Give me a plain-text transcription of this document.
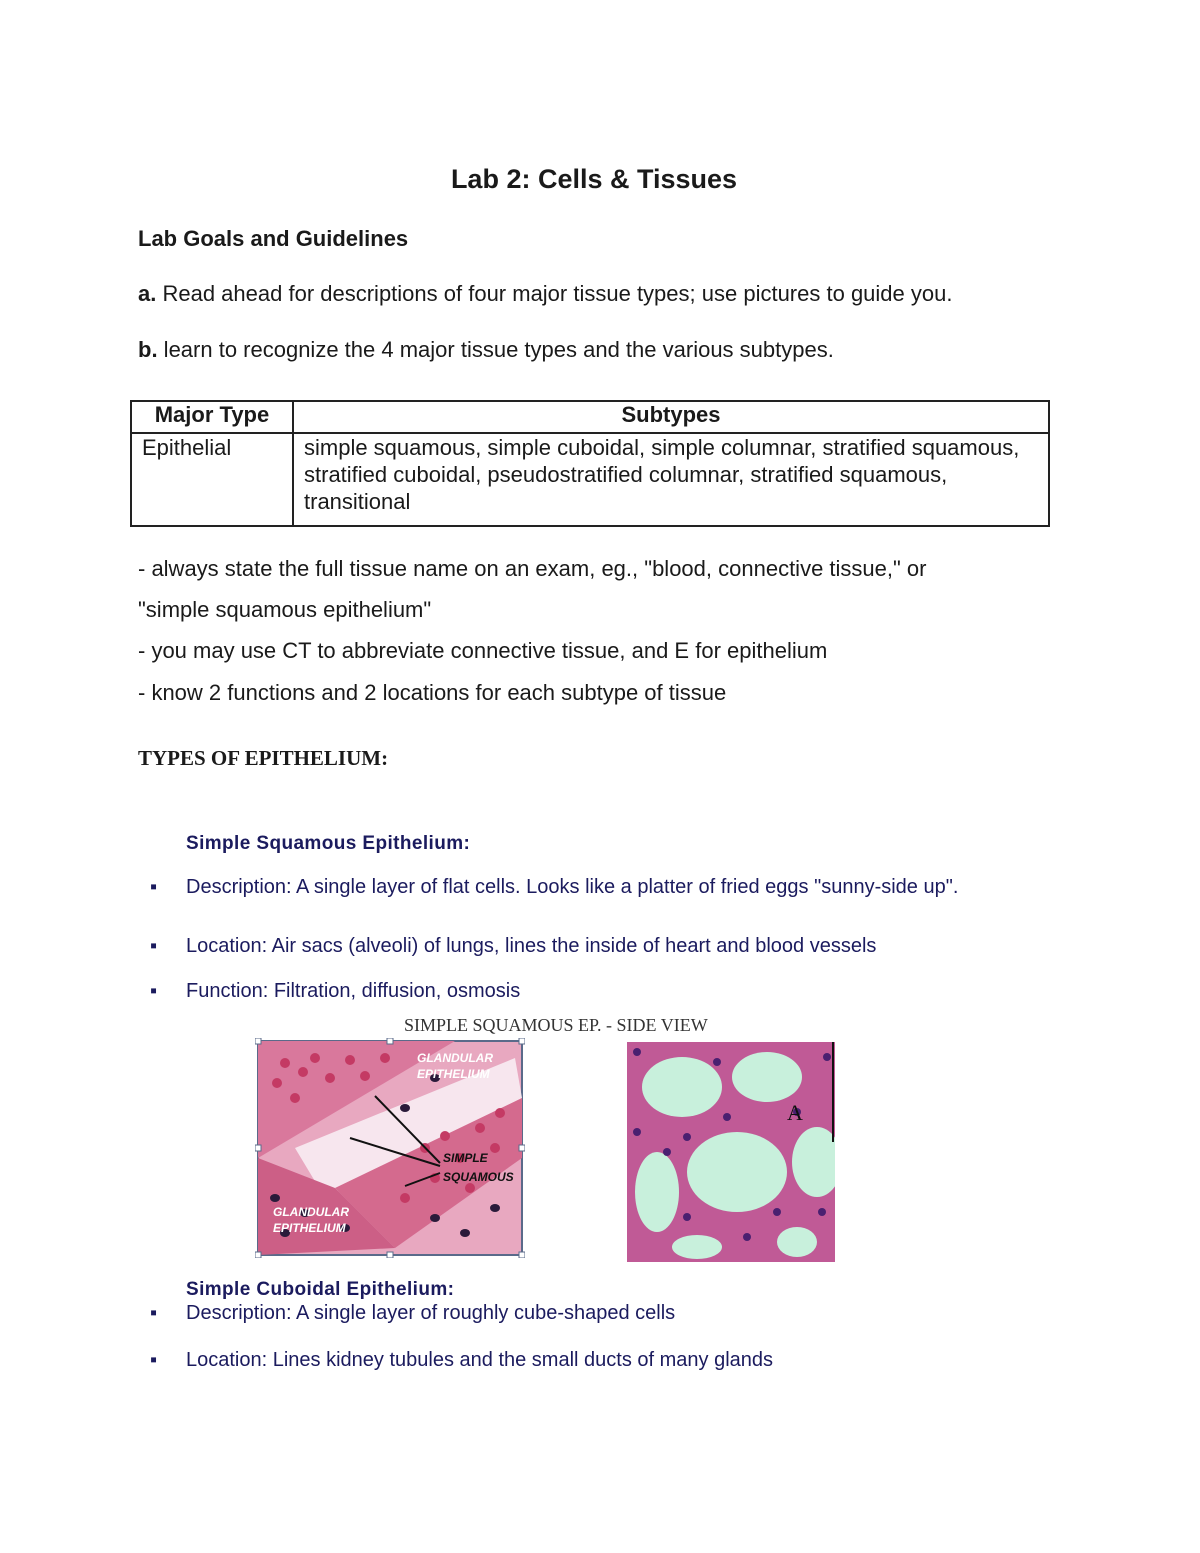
Lab 2: Cells & Tissues
Lab Goals and Guidelines
a. Read ahead for descriptions of four major tissue types; use pictures to guide you.
b. learn to recognize the 4 major tissue types and the various subtypes.
Major Type	Subtypes
Epithelial	simple squamous, simple cuboidal, simple columnar, stratified squamous, stratified cuboidal, pseudostratified columnar, stratified squamous, transitional
- always state the full tissue name on an exam, eg., "blood, connective tissue," or
"simple squamous epithelium"
- you may use CT to abbreviate connective tissue, and E for epithelium
- know 2 functions and 2 locations for each subtype of tissue
TYPES OF EPITHELIUM:
Simple Squamous Epithelium:
▪ Description: A single layer of flat cells. Looks like a platter of fried eggs "sunny-side up".
▪ Location: Air sacs (alveoli) of lungs, lines the inside of heart and blood vessels
▪ Function: Filtration, diffusion, osmosis
SIMPLE SQUAMOUS EP. - SIDE VIEW
GLANDULAR
EPITHELIUM
SIMPLE
SQUAMOUS
GLANDULAR
EPITHELIUM
A
Simple Cuboidal Epithelium:
▪ Description: A single layer of roughly cube-shaped cells
▪ Location: Lines kidney tubules and the small ducts of many glands
